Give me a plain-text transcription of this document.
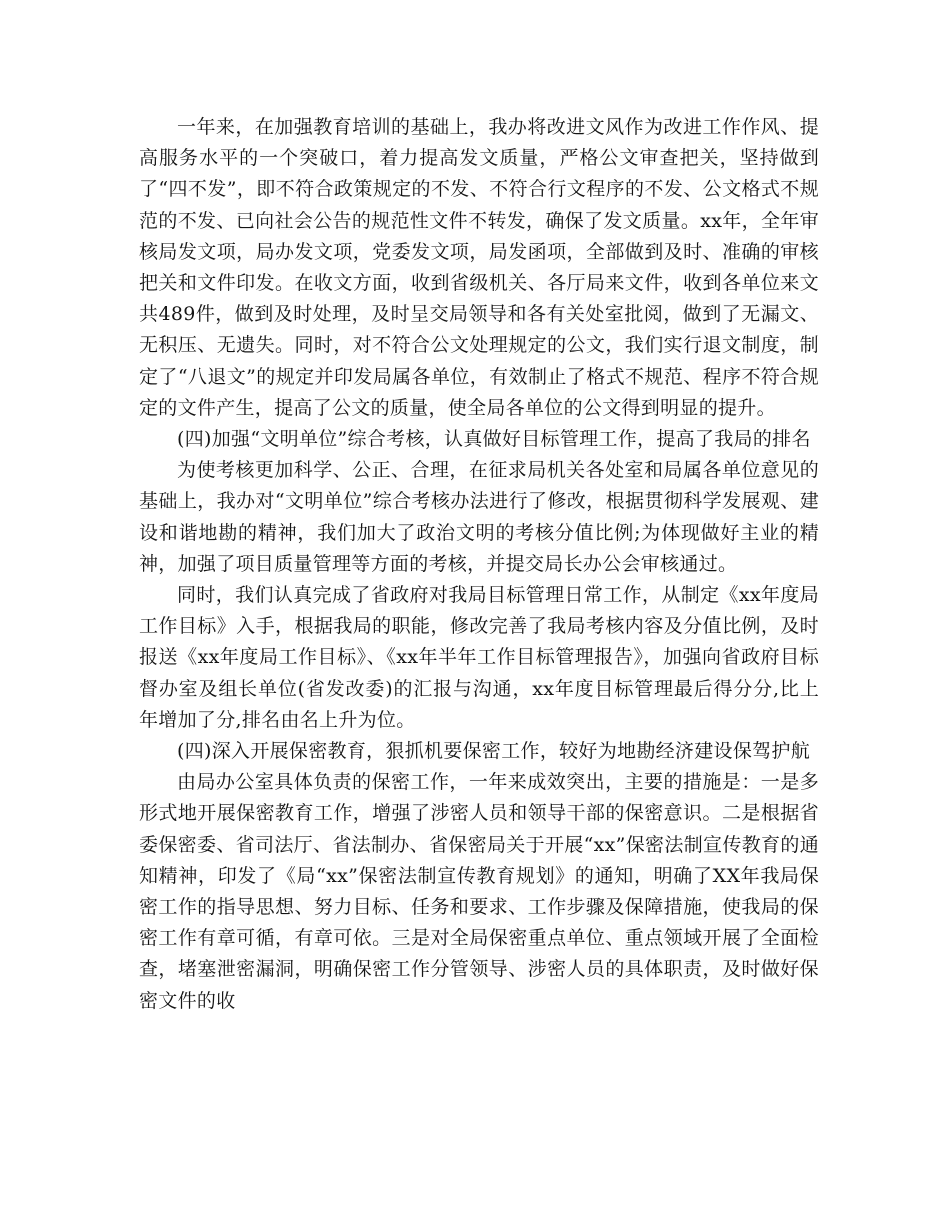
一年来，在加强教育培训的基础上，我办将改进文风作为改进工作作风、提高服务水平的一个突破口，着力提高发文质量，严格公文审查把关，坚持做到了“四不发”，即不符合政策规定的不发、不符合行文程序的不发、公文格式不规范的不发、已向社会公告的规范性文件不转发，确保了发文质量。xx年，全年审核局发文项，局办发文项，党委发文项，局发函项，全部做到及时、准确的审核把关和文件印发。在收文方面，收到省级机关、各厅局来文件，收到各单位来文共489件，做到及时处理，及时呈交局领导和各有关处室批阅，做到了无漏文、无积压、无遗失。同时，对不符合公文处理规定的公文，我们实行退文制度，制定了“八退文”的规定并印发局属各单位，有效制止了格式不规范、程序不符合规定的文件产生，提高了公文的质量，使全局各单位的公文得到明显的提升。

(四)加强“文明单位”综合考核，认真做好目标管理工作，提高了我局的排名

为使考核更加科学、公正、合理，在征求局机关各处室和局属各单位意见的基础上，我办对“文明单位”综合考核办法进行了修改，根据贯彻科学发展观、建设和谐地勘的精神，我们加大了政治文明的考核分值比例;为体现做好主业的精神，加强了项目质量管理等方面的考核，并提交局长办公会审核通过。

同时，我们认真完成了省政府对我局目标管理日常工作，从制定《xx年度局工作目标》入手，根据我局的职能，修改完善了我局考核内容及分值比例，及时报送《xx年度局工作目标》、《xx年半年工作目标管理报告》，加强向省政府目标督办室及组长单位(省发改委)的汇报与沟通，xx年度目标管理最后得分分,比上年增加了分,排名由名上升为位。

(四)深入开展保密教育，狠抓机要保密工作，较好为地勘经济建设保驾护航

由局办公室具体负责的保密工作，一年来成效突出，主要的措施是：一是多形式地开展保密教育工作，增强了涉密人员和领导干部的保密意识。二是根据省委保密委、省司法厅、省法制办、省保密局关于开展“xx”保密法制宣传教育的通知精神，印发了《局“xx”保密法制宣传教育规划》的通知，明确了XX年我局保密工作的指导思想、努力目标、任务和要求、工作步骤及保障措施，使我局的保密工作有章可循，有章可依。三是对全局保密重点单位、重点领域开展了全面检查，堵塞泄密漏洞，明确保密工作分管领导、涉密人员的具体职责，及时做好保密文件的收
